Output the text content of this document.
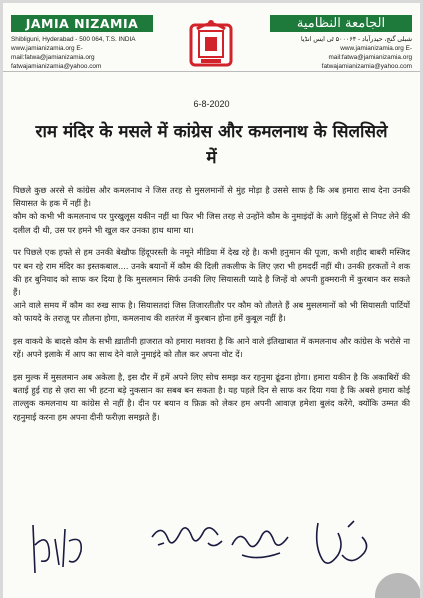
JAMIA NIZAMIA
Shibliguni, Hyderabad - 500 064, T.S. INDIA
www.jamianizamia.org E-mail:fatwa@jamianizamia.org
fatwajamianizamia@yahoo.com
الجامعة النظامية
شبلی گنج، حیدرآباد - ۵۰۰۰۶۴ ٹی ایس انڈیا
www.jamianizamia.org E-mail:fatwa@jamianizamia.org
fatwajamianizamia@yahoo.com
6-8-2020
राम मंदिर के मसले में कांग्रेस और कमलनाथ के सिलसिले में

पिछले कुछ अरसे से कांग्रेस और कमलनाथ ने जिस तरह से मुसलमानों से मुंह मोड़ा है उससे साफ है कि अब हमारा साथ देना उनकी सियासत के हक में नहीं है।
कौम को कभी भी कमलनाथ पर पुरखुलूस यकीन नहीं था फिर भी जिस तरह से उन्होंने कौम के नुमाइंदों के आगे हिंदुओं से निपट लेने की दलील दी थी, उस पर हमने भी खुल कर उनका हाथ थामा था।

पर पिछले एक हफ्ते से हम उनकी बेखौफ हिंदूपरस्ती के नमूने मीडिया में देख रहे है। कभी हनुमान की पूजा, कभी शहीद बाबरी मस्जिद पर बन रहे राम मंदिर का इस्तकबाल.... उनके बयानों में कौम की दिली तकलीफ के लिए ज़रा भी हमदर्दी नहीं थी। उनकी हरकतों ने शक की हर बुनियाद को साफ कर दिया है कि मुसलमान सिर्फ उनकी लिए सियासती प्यादे है जिन्हें वो अपनी हुक्मरानी में कुरबान कर सकते हैं।
आने वाले समय में कौम का रुख साफ है। सियासतदां जिस तिजारतीतौर पर कौम को तौलते हैं अब मुसलमानों को भी सियासती पार्टियों को फायदे के तराज़ू पर तौलना होगा, कमलनाथ की शतरंज में कुरबान होना हमें कुबूल नहीं है।

इस वाकये के बादसे कौम के सभी ख़ातीनी हाजरात को हमारा मशवरा है कि आने वाले इंतिखाबात में कमलनाथ और कांग्रेस के भरोसे ना रहें। अपने इलाके में आप का साथ देने वाले नुमाइंदे को तौल कर अपना वोट दें।

इस मुल्क में मुसलमान अब अकेला है, इस दौर में हमें अपने लिए सोच समझ कर रहनुमा ढूंढना होगा। हमारा यकीन है कि अकाबिरों की बताई हुई राह से ज़रा सा भी हटना बड़े नुकसान का सबब बन सकता है। यह पहले दिन से साफ कर दिया गया है कि अबसे हमारा कोई ताल्लुक कमलनाथ या कांग्रेस से नहीं है। दीन पर बयान व फ़िक्र को लेकर हम अपनी आवाज़ हमेशा बुलंद करेंगे, क्योंकि उम्मत की रहनुमाई करना हम अपना दीनी फरीज़ा समझते हैं।
